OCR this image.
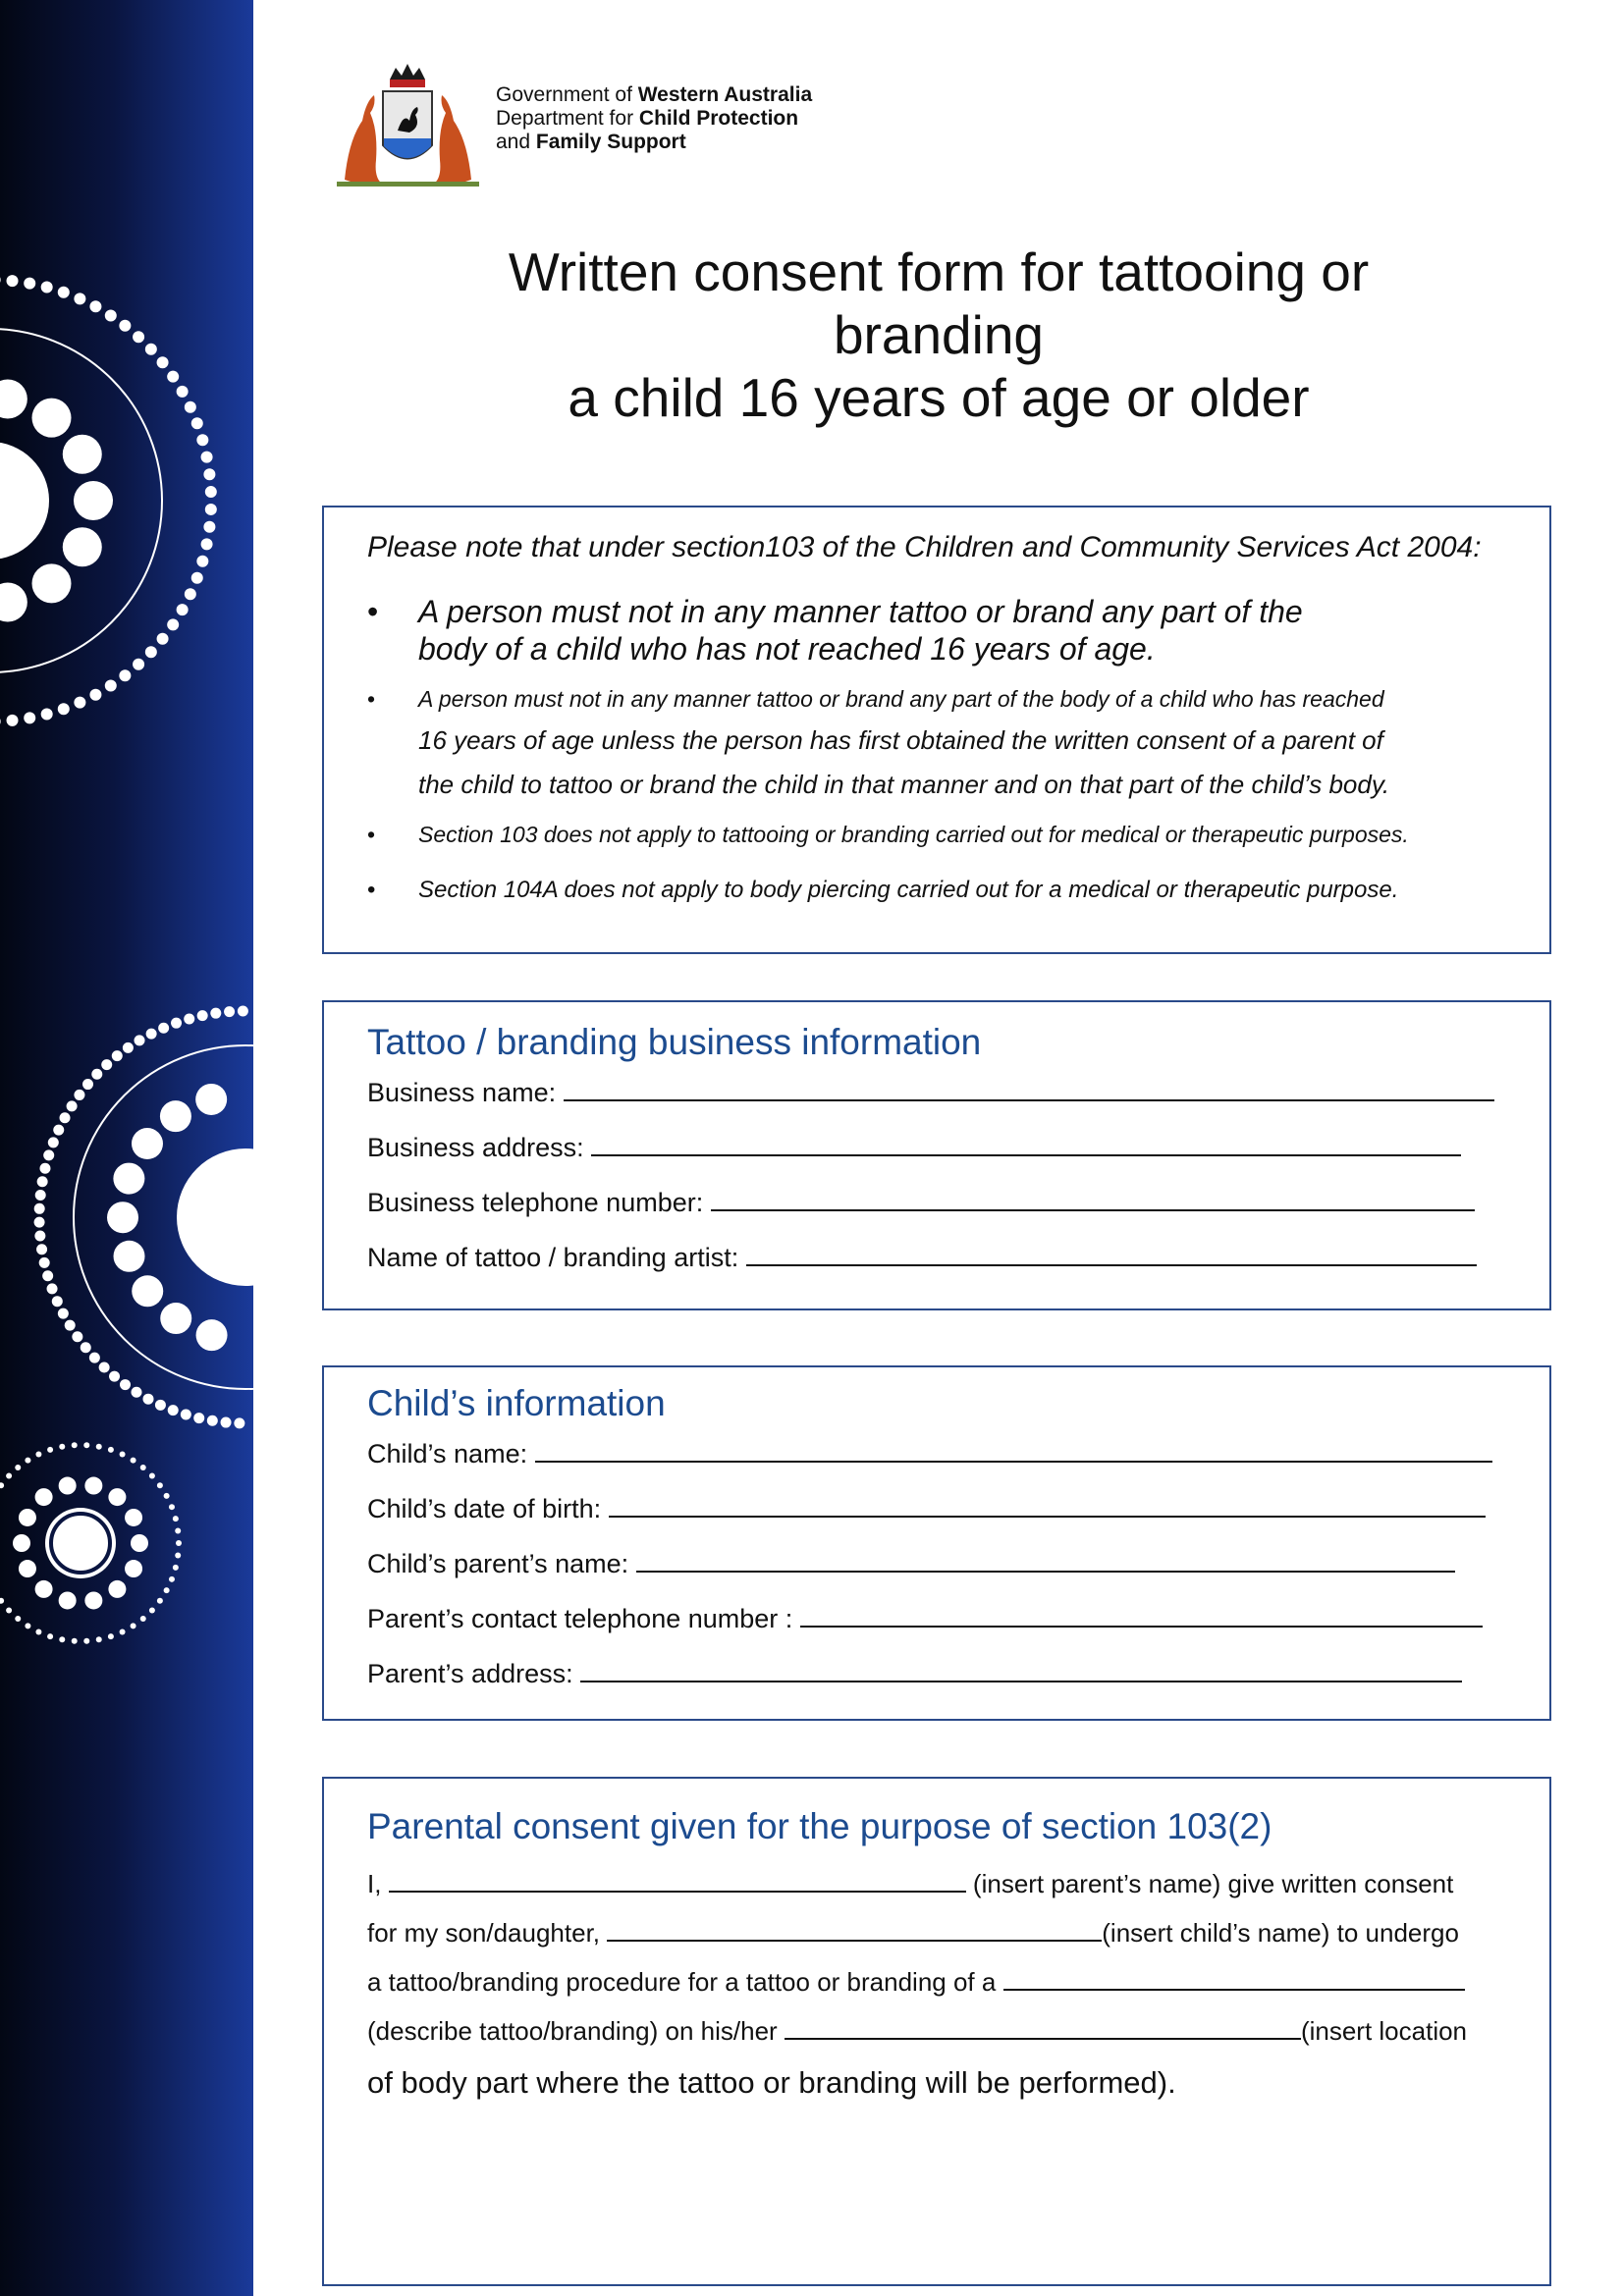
Government of Western Australia
Department for Child Protection
and Family Support
Written consent form for tattooing or
branding
a child 16 years of age or older
Please note that under section103 of the Children and Community Services Act 2004:
• A person must not in any manner tattoo or brand any part of the
body of a child who has not reached 16 years of age.
• A person must not in any manner tattoo or brand any part of the body of a child who has reached
16 years of age unless the person has first obtained the written consent of a parent of
the child to tattoo or brand the child in that manner and on that part of the child’s body.
• Section 103 does not apply to tattooing or branding carried out for medical or therapeutic purposes.
• Section 104A does not apply to body piercing carried out for a medical or therapeutic purpose.
Tattoo / branding business information
Business name:
Business address:
Business telephone number:
Name of tattoo / branding artist:
Child’s information
Child’s name:
Child’s date of birth:
Child’s parent’s name:
Parent’s contact telephone number :
Parent’s address:
Parental consent given for the purpose of section 103(2)
I,	(insert parent’s name) give written consent
for my son/daughter,	(insert child’s name) to undergo
a tattoo/branding procedure for a tattoo or branding of a
(describe tattoo/branding) on his/her	(insert location
of body part where the tattoo or branding will be performed).
